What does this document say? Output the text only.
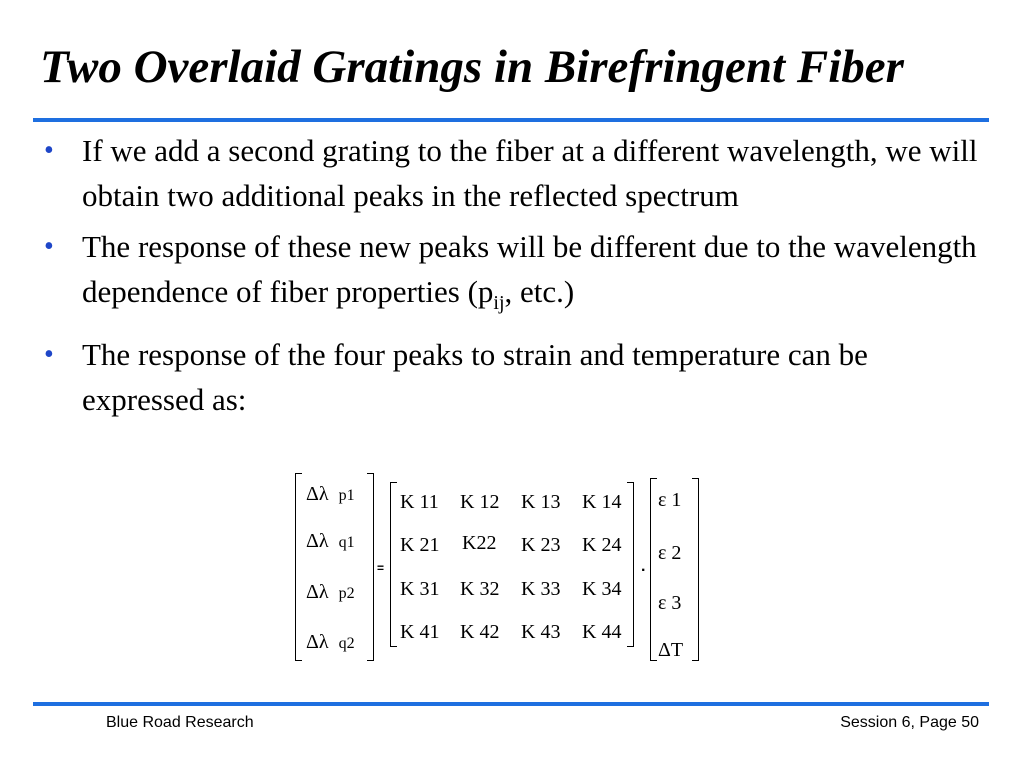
Two Overlaid Gratings in Birefringent Fiber
• If we add a second grating to the fiber at a different wavelength, we will obtain two additional peaks in the reflected spectrum
• The response of these new peaks will be different due to the wavelength dependence of fiber properties ($p_{ij}$, etc.)
• The response of the four peaks to strain and temperature can be expressed as:
Δλ p1
Δλ q1
Δλ p2
Δλ q2
=
K 11 K 12 K 13 K 14
K 21 K22 K 23 K 24
K 31 K 32 K 33 K 34
K 41 K 42 K 43 K 44
.
ε 1
ε 2
ε 3
ΔT
Blue Road Research	Session 6, Page 50
